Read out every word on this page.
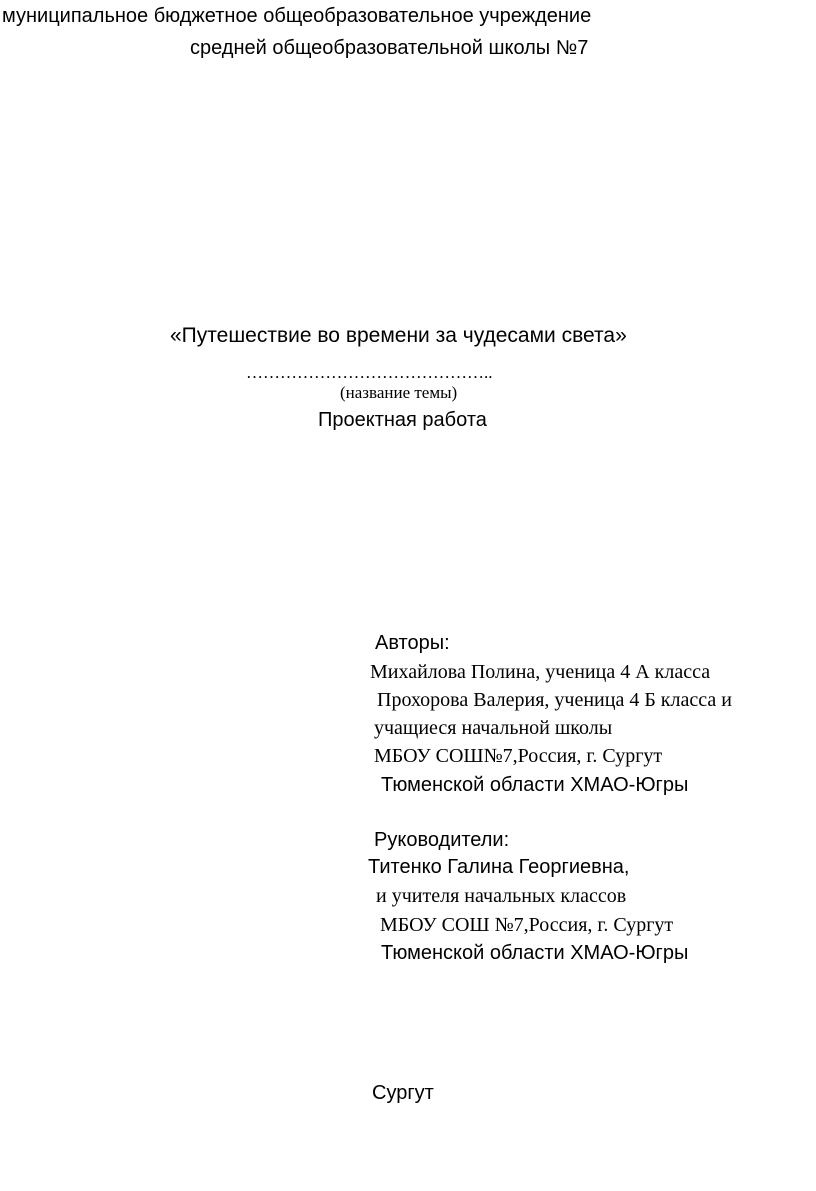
муниципальное бюджетное общеобразовательное учреждение
средней общеобразовательной школы №7
«Путешествие во времени за чудесами света»
……………………………………..
(название темы)
Проектная работа
Авторы:
Михайлова Полина, ученица 4 А класса
Прохорова Валерия, ученица 4 Б класса и
учащиеся начальной школы
МБОУ СОШ№7,Россия, г. Сургут
Тюменской области ХМАО-Югры
Руководители:
Титенко Галина Георгиевна,
и учителя начальных классов
МБОУ СОШ №7,Россия, г. Сургут
Тюменской области ХМАО-Югры
Сургут
